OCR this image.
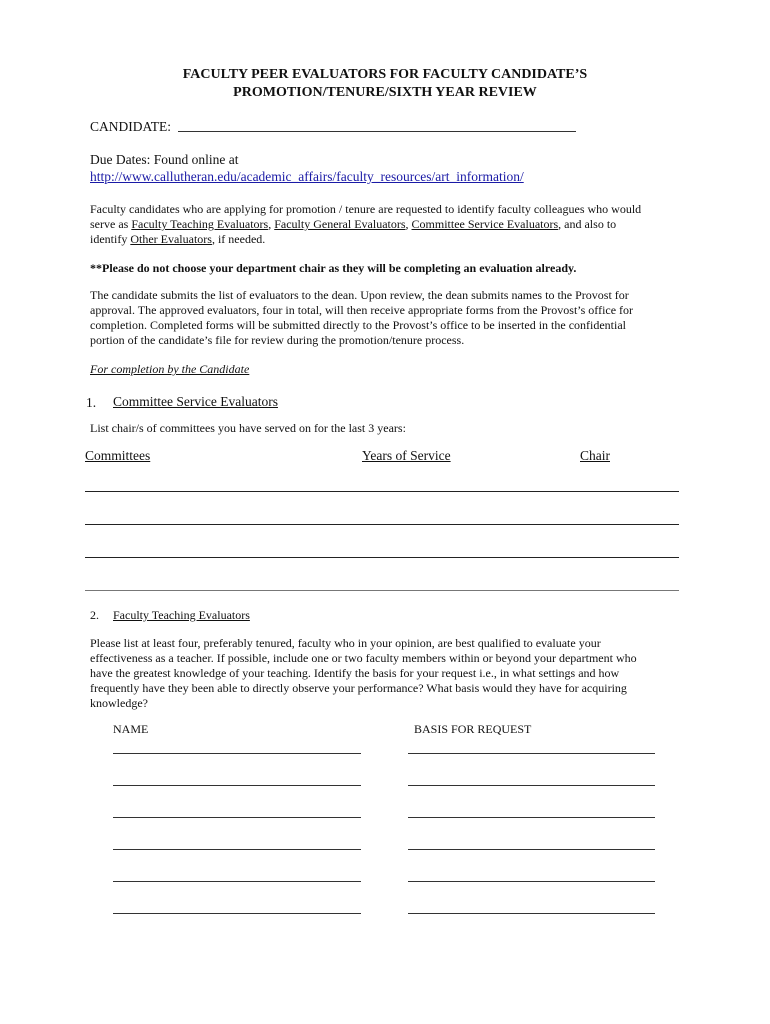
FACULTY PEER EVALUATORS FOR FACULTY CANDIDATE’S
PROMOTION/TENURE/SIXTH YEAR REVIEW
CANDIDATE:
Due Dates: Found online at
http://www.callutheran.edu/academic_affairs/faculty_resources/art_information/
Faculty candidates who are applying for promotion / tenure are requested to identify faculty colleagues who would
serve as Faculty Teaching Evaluators, Faculty General Evaluators, Committee Service Evaluators, and also to
identify Other Evaluators, if needed.
**Please do not choose your department chair as they will be completing an evaluation already.
The candidate submits the list of evaluators to the dean. Upon review, the dean submits names to the Provost for
approval. The approved evaluators, four in total, will then receive appropriate forms from the Provost’s office for
completion. Completed forms will be submitted directly to the Provost’s office to be inserted in the confidential
portion of the candidate’s file for review during the promotion/tenure process.
For completion by the Candidate
1. Committee Service Evaluators
List chair/s of committees you have served on for the last 3 years:
Committees	Years of Service	Chair
2. Faculty Teaching Evaluators
Please list at least four, preferably tenured, faculty who in your opinion, are best qualified to evaluate your
effectiveness as a teacher. If possible, include one or two faculty members within or beyond your department who
have the greatest knowledge of your teaching. Identify the basis for your request i.e., in what settings and how
frequently have they been able to directly observe your performance? What basis would they have for acquiring
knowledge?
NAME	BASIS FOR REQUEST
